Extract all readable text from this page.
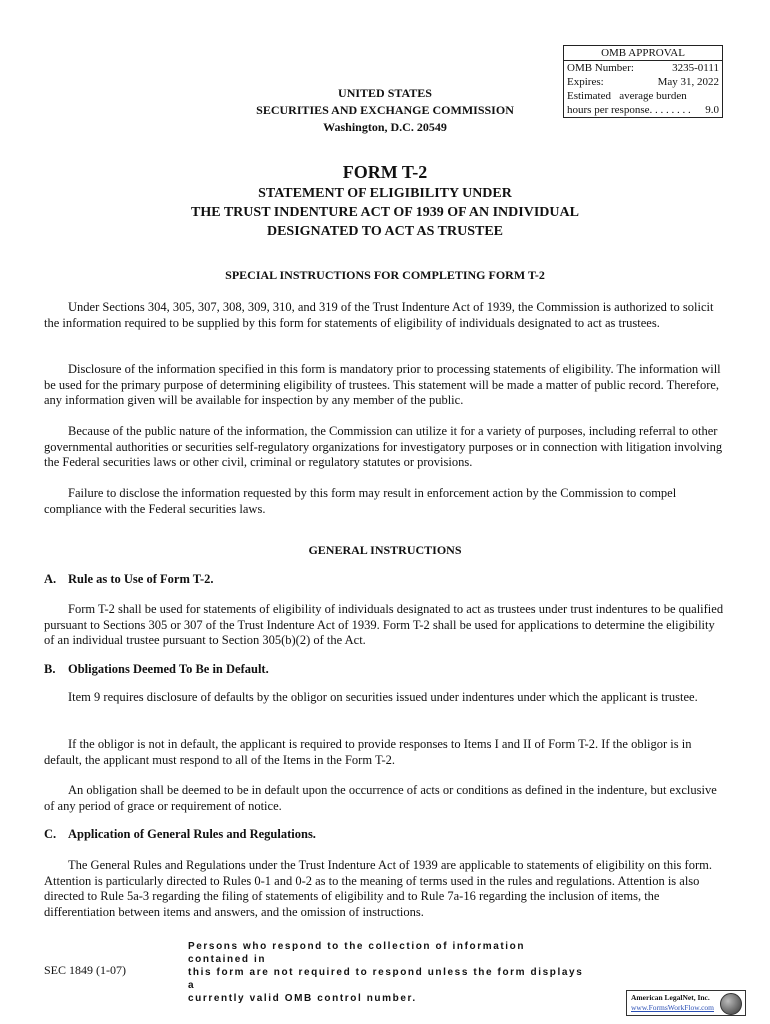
OMB APPROVAL
OMB Number:	3235-0111
Expires:	May 31, 2022
Estimated   average burden
hours per response. . . . . . . . 9.0
UNITED STATES
SECURITIES AND EXCHANGE COMMISSION
Washington, D.C. 20549
FORM T-2
STATEMENT OF ELIGIBILITY UNDER
THE TRUST INDENTURE ACT OF 1939 OF AN INDIVIDUAL
DESIGNATED TO ACT AS TRUSTEE
SPECIAL INSTRUCTIONS FOR COMPLETING FORM T-2
Under Sections 304, 305, 307, 308, 309, 310, and 319 of the Trust Indenture Act of 1939, the Commission is authorized to solicit the information required to be supplied by this form for statements of eligibility of individuals designated to act as trustees.
Disclosure of the information specified in this form is mandatory prior to processing statements of eligibility. The information will be used for the primary purpose of determining eligibility of trustees. This statement will be made a matter of public record. Therefore, any information given will be available for inspection by any member of the public.
Because of the public nature of the information, the Commission can utilize it for a variety of purposes, including referral to other governmental authorities or securities self-regulatory organizations for investigatory purposes or in connection with litigation involving the Federal securities laws or other civil, criminal or regulatory statutes or provisions.
Failure to disclose the information requested by this form may result in enforcement action by the Commission to compel compliance with the Federal securities laws.
GENERAL INSTRUCTIONS
A. Rule as to Use of Form T-2.
Form T-2 shall be used for statements of eligibility of individuals designated to act as trustees under trust indentures to be qualified pursuant to Sections 305 or 307 of the Trust Indenture Act of 1939. Form T-2 shall be used for applications to determine the eligibility of an individual trustee pursuant to Section 305(b)(2) of the Act.
B. Obligations Deemed To Be in Default.
Item 9 requires disclosure of defaults by the obligor on securities issued under indentures under which the applicant is trustee.
If the obligor is not in default, the applicant is required to provide responses to Items I and II of Form T-2. If the obligor is in default, the applicant must respond to all of the Items in the Form T-2.
An obligation shall be deemed to be in default upon the occurrence of acts or conditions as defined in the indenture, but exclusive of any period of grace or requirement of notice.
C. Application of General Rules and Regulations.
The General Rules and Regulations under the Trust Indenture Act of 1939 are applicable to statements of eligibility on this form. Attention is particularly directed to Rules 0-1 and 0-2 as to the meaning of terms used in the rules and regulations. Attention is also directed to Rule 5a-3 regarding the filing of statements of eligibility and to Rule 7a-16 regarding the inclusion of items, the differentiation between items and answers, and the omission of instructions.
SEC 1849 (1-07)
Persons who respond to the collection of information contained in
this form are not required to respond unless the form displays a
currently valid OMB control number.	American LegalNet, Inc.
www.FormsWorkFlow.com
